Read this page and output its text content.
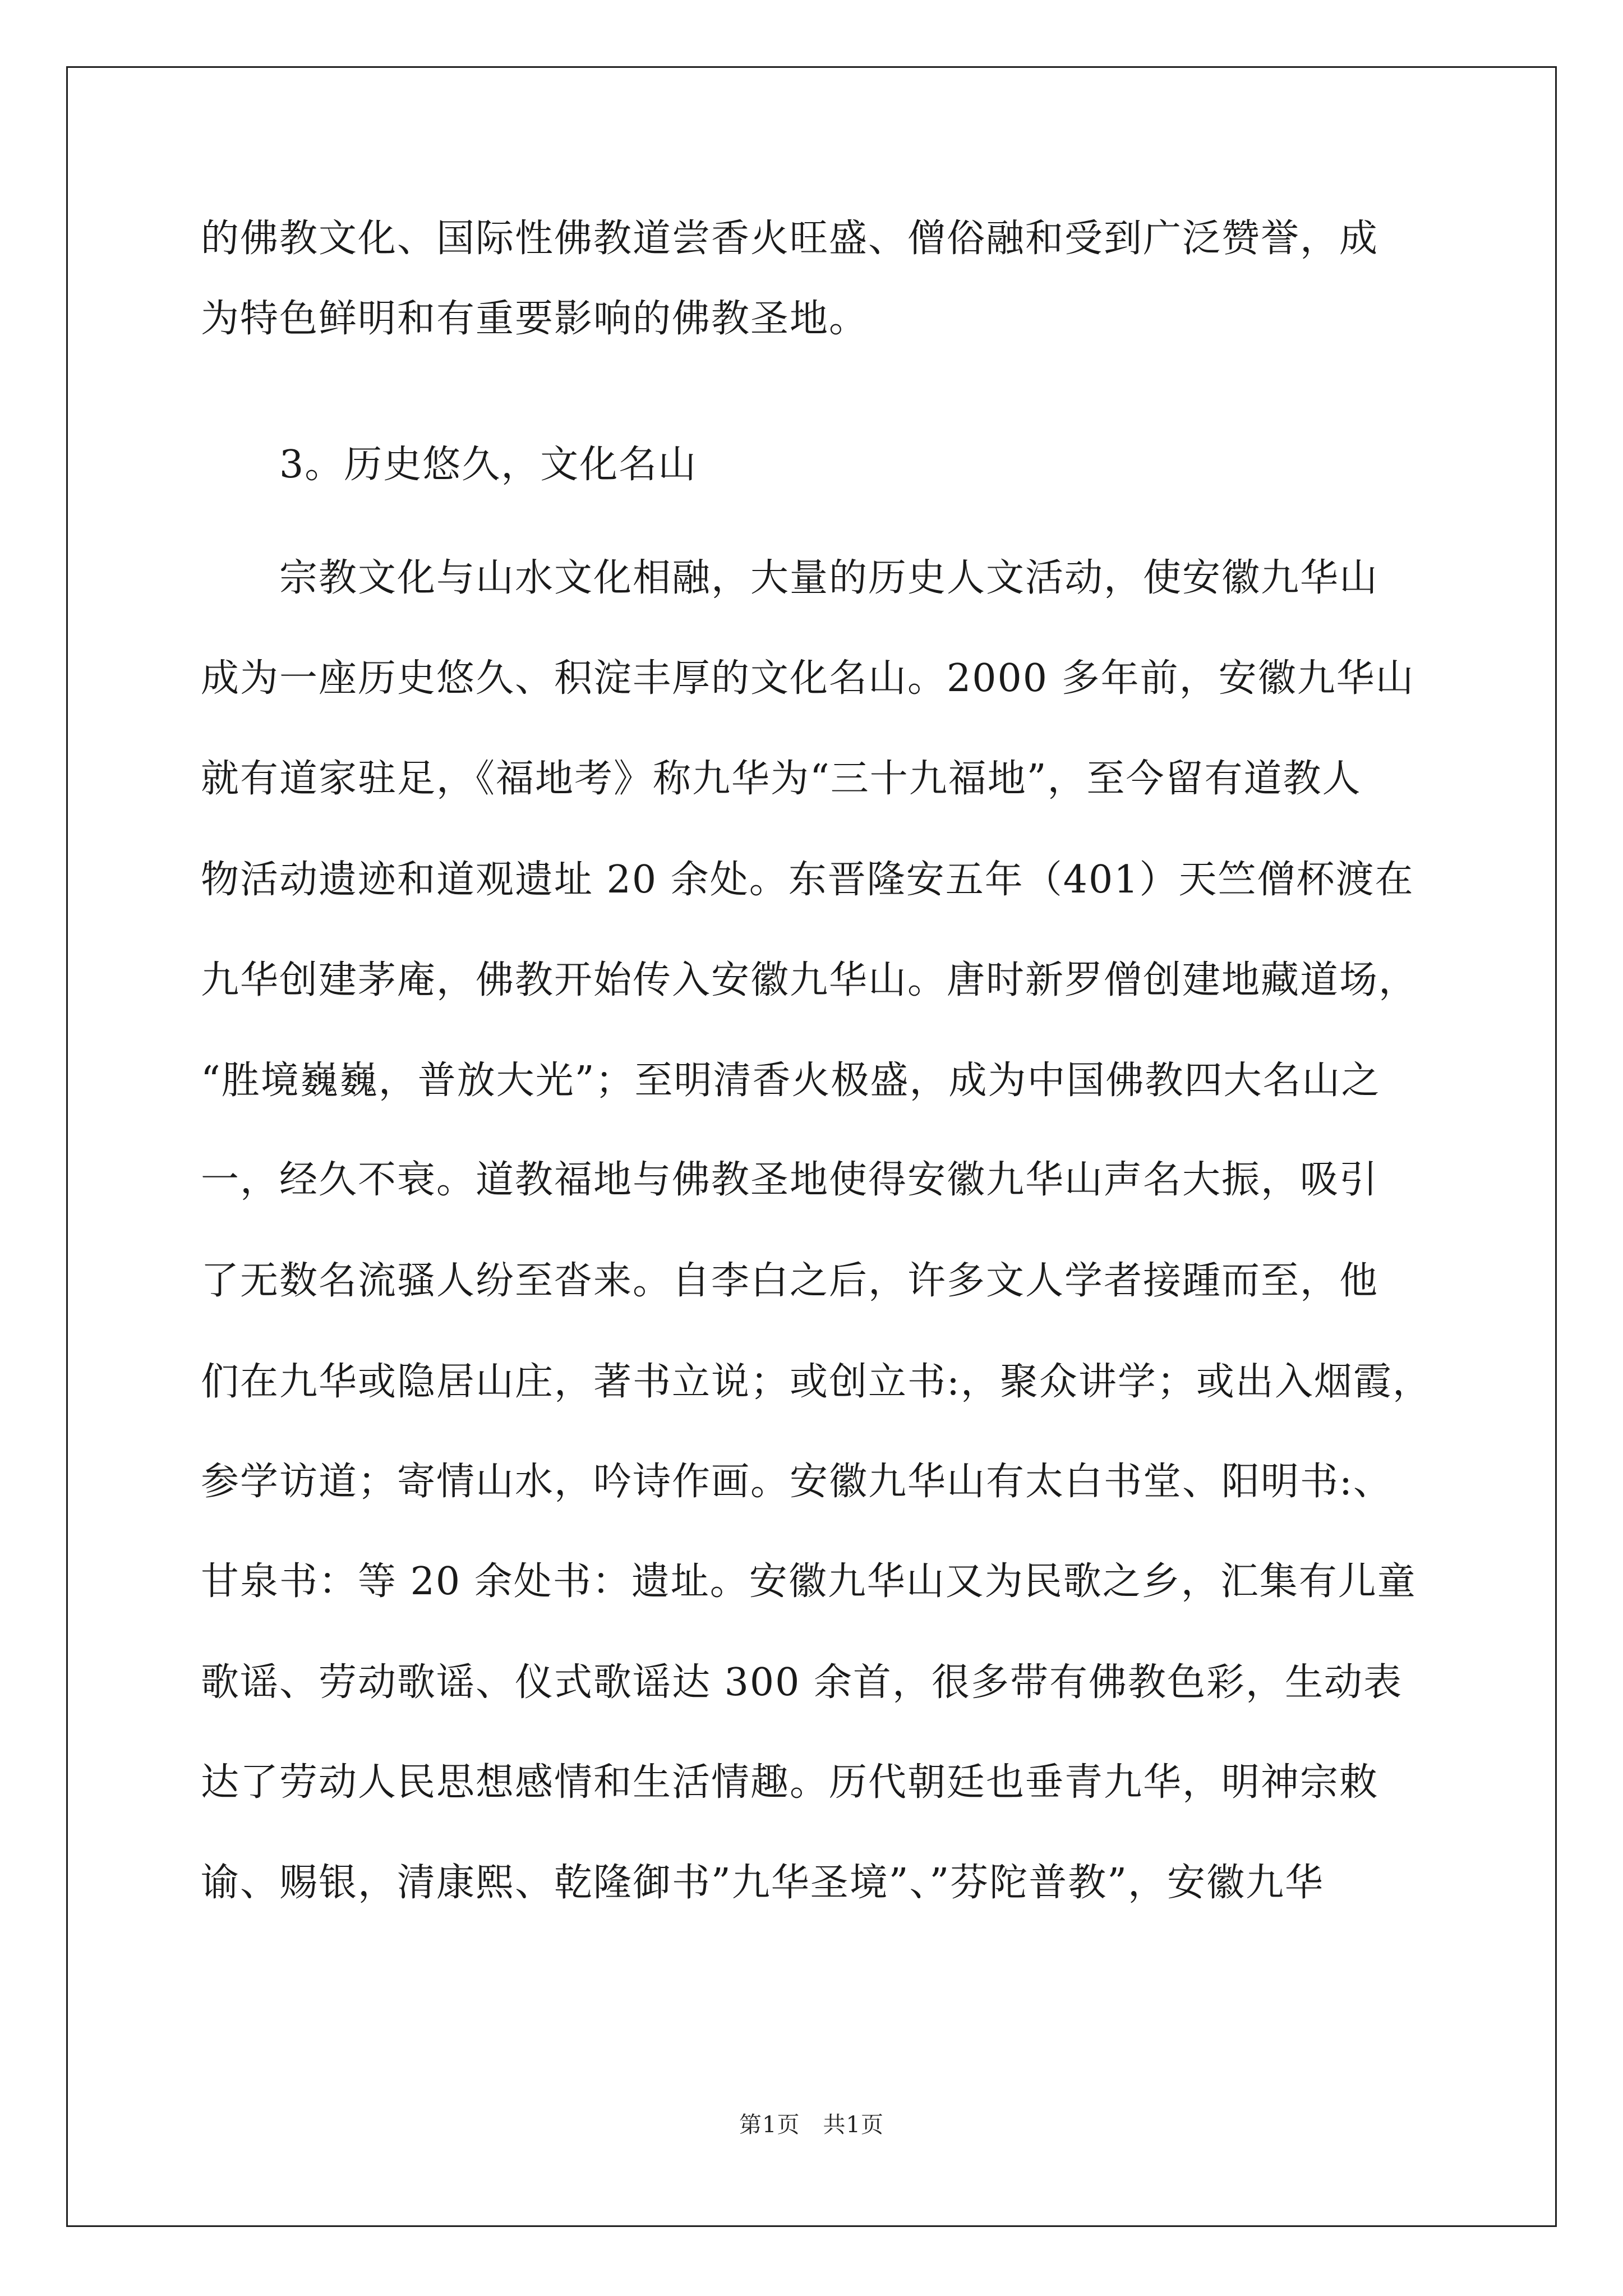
的佛教文化、国际性佛教道尝香火旺盛、僧俗融和受到广泛赞誉，成
为特色鲜明和有重要影响的佛教圣地。
3。历史悠久，文化名山
宗教文化与山水文化相融，大量的历史人文活动，使安徽九华山
成为一座历史悠久、积淀丰厚的文化名山。2000 多年前，安徽九华山
就有道家驻足，《福地考》称九华为“三十九福地”，至今留有道教人
物活动遗迹和道观遗址 20 余处。东晋隆安五年（401）天竺僧杯渡在
九华创建茅庵，佛教开始传入安徽九华山。唐时新罗僧创建地藏道场，
“胜境巍巍，普放大光”；至明清香火极盛，成为中国佛教四大名山之
一，经久不衰。道教福地与佛教圣地使得安徽九华山声名大振，吸引
了无数名流骚人纷至沓来。自李白之后，许多文人学者接踵而至，他
们在九华或隐居山庄，著书立说；或创立书:，聚众讲学；或出入烟霞，
参学访道；寄情山水，吟诗作画。安徽九华山有太白书堂、阳明书:、
甘泉书：等 20 余处书：遗址。安徽九华山又为民歌之乡，汇集有儿童
歌谣、劳动歌谣、仪式歌谣达 300 余首，很多带有佛教色彩，生动表
达了劳动人民思想感情和生活情趣。历代朝廷也垂青九华，明神宗敕
谕、赐银，清康熙、乾隆御书”九华圣境”、”芬陀普教”，安徽九华
第1页　共1页
